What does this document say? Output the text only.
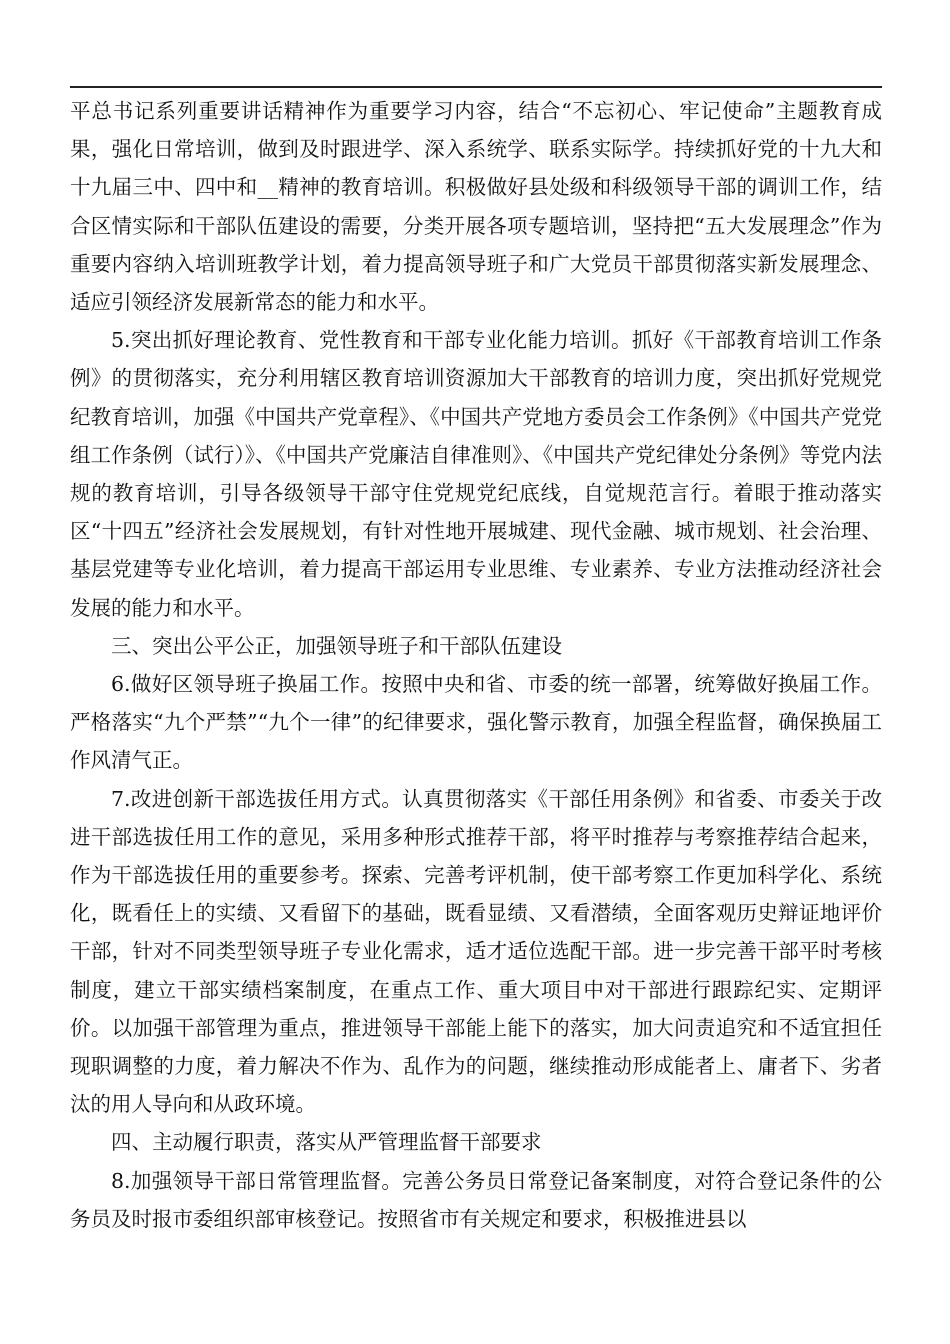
平总书记系列重要讲话精神作为重要学习内容，结合“不忘初心、牢记使命”主题教育成果，强化日常培训，做到及时跟进学、深入系统学、联系实际学。持续抓好党的十九大和十九届三中、四中和__精神的教育培训。积极做好县处级和科级领导干部的调训工作，结合区情实际和干部队伍建设的需要，分类开展各项专题培训，坚持把“五大发展理念”作为重要内容纳入培训班教学计划，着力提高领导班子和广大党员干部贯彻落实新发展理念、适应引领经济发展新常态的能力和水平。

5.突出抓好理论教育、党性教育和干部专业化能力培训。抓好《干部教育培训工作条例》的贯彻落实，充分利用辖区教育培训资源加大干部教育的培训力度，突出抓好党规党纪教育培训，加强《中国共产党章程》、《中国共产党地方委员会工作条例》《中国共产党党组工作条例（试行）》、《中国共产党廉洁自律准则》、《中国共产党纪律处分条例》等党内法规的教育培训，引导各级领导干部守住党规党纪底线，自觉规范言行。着眼于推动落实区“十四五”经济社会发展规划，有针对性地开展城建、现代金融、城市规划、社会治理、基层党建等专业化培训，着力提高干部运用专业思维、专业素养、专业方法推动经济社会发展的能力和水平。

三、突出公平公正，加强领导班子和干部队伍建设

6.做好区领导班子换届工作。按照中央和省、市委的统一部署，统筹做好换届工作。严格落实“九个严禁”“九个一律”的纪律要求，强化警示教育，加强全程监督，确保换届工作风清气正。

7.改进创新干部选拔任用方式。认真贯彻落实《干部任用条例》和省委、市委关于改进干部选拔任用工作的意见，采用多种形式推荐干部，将平时推荐与考察推荐结合起来，作为干部选拔任用的重要参考。探索、完善考评机制，使干部考察工作更加科学化、系统化，既看任上的实绩、又看留下的基础，既看显绩、又看潜绩，全面客观历史辩证地评价干部，针对不同类型领导班子专业化需求，适才适位选配干部。进一步完善干部平时考核制度，建立干部实绩档案制度，在重点工作、重大项目中对干部进行跟踪纪实、定期评价。以加强干部管理为重点，推进领导干部能上能下的落实，加大问责追究和不适宜担任现职调整的力度，着力解决不作为、乱作为的问题，继续推动形成能者上、庸者下、劣者汰的用人导向和从政环境。

四、主动履行职责，落实从严管理监督干部要求

8.加强领导干部日常管理监督。完善公务员日常登记备案制度，对符合登记条件的公务员及时报市委组织部审核登记。按照省市有关规定和要求，积极推进县以
